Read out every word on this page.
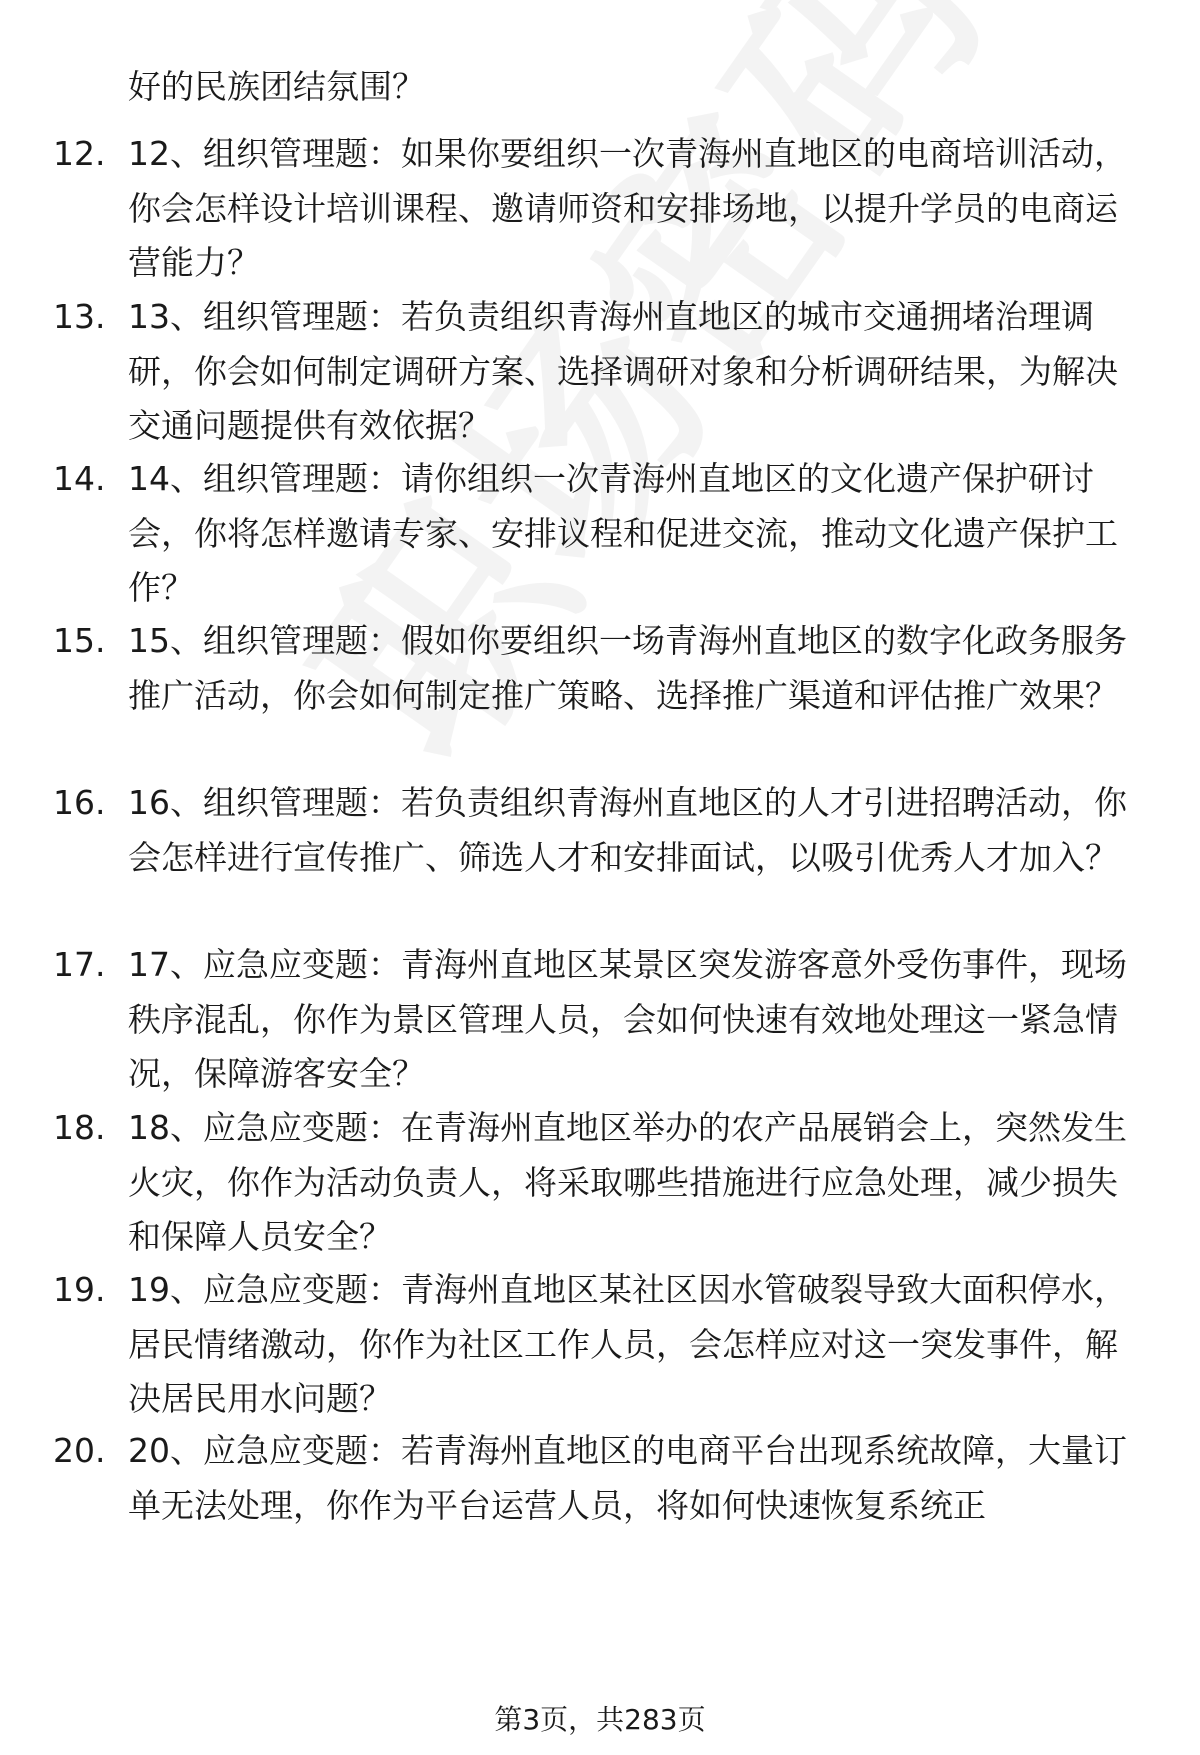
好的民族团结氛围？
12. 12、组织管理题：如果你要组织一次青海州直地区的电商培训活动，你会怎样设计培训课程、邀请师资和安排场地，以提升学员的电商运营能力？
13. 13、组织管理题：若负责组织青海州直地区的城市交通拥堵治理调研，你会如何制定调研方案、选择调研对象和分析调研结果，为解决交通问题提供有效依据？
14. 14、组织管理题：请你组织一次青海州直地区的文化遗产保护研讨会，你将怎样邀请专家、安排议程和促进交流，推动文化遗产保护工作？
15. 15、组织管理题：假如你要组织一场青海州直地区的数字化政务服务推广活动，你会如何制定推广策略、选择推广渠道和评估推广效果？
16. 16、组织管理题：若负责组织青海州直地区的人才引进招聘活动，你会怎样进行宣传推广、筛选人才和安排面试，以吸引优秀人才加入？
17. 17、应急应变题：青海州直地区某景区突发游客意外受伤事件，现场秩序混乱，你作为景区管理人员，会如何快速有效地处理这一紧急情况，保障游客安全？
18. 18、应急应变题：在青海州直地区举办的农产品展销会上，突然发生火灾，你作为活动负责人，将采取哪些措施进行应急处理，减少损失和保障人员安全？
19. 19、应急应变题：青海州直地区某社区因水管破裂导致大面积停水，居民情绪激动，你作为社区工作人员，会怎样应对这一突发事件，解决居民用水问题？
20. 20、应急应变题：若青海州直地区的电商平台出现系统故障，大量订单无法处理，你作为平台运营人员，将如何快速恢复系统正
第3页，共283页
